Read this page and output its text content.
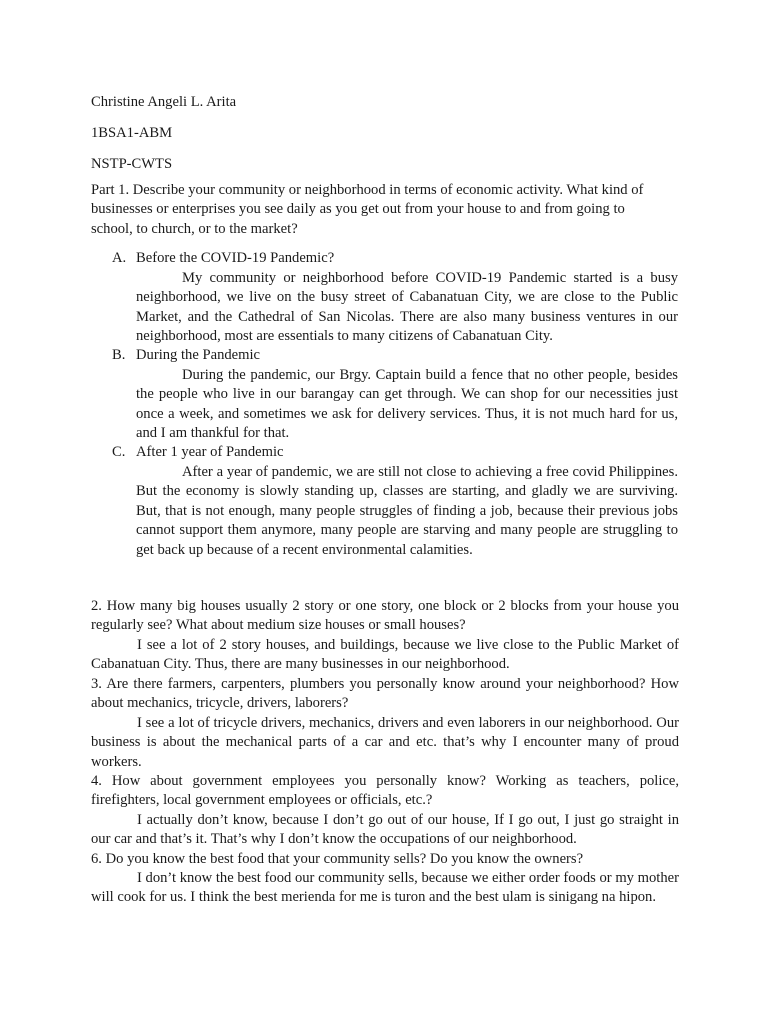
Christine Angeli L. Arita

1BSA1-ABM

NSTP-CWTS

Part 1. Describe your community or neighborhood in terms of economic activity. What kind of businesses or enterprises you see daily as you get out from your house to and from going to school, to church, or to the market?

A. Before the COVID-19 Pandemic?

My community or neighborhood before COVID-19 Pandemic started is a busy neighborhood, we live on the busy street of Cabanatuan City, we are close to the Public Market, and the Cathedral of San Nicolas. There are also many business ventures in our neighborhood, most are essentials to many citizens of Cabanatuan City.

B. During the Pandemic

During the pandemic, our Brgy. Captain build a fence that no other people, besides the people who live in our barangay can get through. We can shop for our necessities just once a week, and sometimes we ask for delivery services. Thus, it is not much hard for us, and I am thankful for that.

C. After 1 year of Pandemic

After a year of pandemic, we are still not close to achieving a free covid Philippines. But the economy is slowly standing up, classes are starting, and gladly we are surviving. But, that is not enough, many people struggles of finding a job, because their previous jobs cannot support them anymore, many people are starving and many people are struggling to get back up because of a recent environmental calamities.

2. How many big houses usually 2 story or one story, one block or 2 blocks from your house you regularly see? What about medium size houses or small houses?

I see a lot of 2 story houses, and buildings, because we live close to the Public Market of Cabanatuan City. Thus, there are many businesses in our neighborhood.

3. Are there farmers, carpenters, plumbers you personally know around your neighborhood? How about mechanics, tricycle, drivers, laborers?

I see a lot of tricycle drivers, mechanics, drivers and even laborers in our neighborhood. Our business is about the mechanical parts of a car and etc. that’s why I encounter many of proud workers.

4. How about government employees you personally know? Working as teachers, police, firefighters, local government employees or officials, etc.?

I actually don’t know, because I don’t go out of our house, If I go out, I just go straight in our car and that’s it. That’s why I don’t know the occupations of our neighborhood.

6. Do you know the best food that your community sells? Do you know the owners?

I don’t know the best food our community sells, because we either order foods or my mother will cook for us. I think the best merienda for me is turon and the best ulam is sinigang na hipon.
